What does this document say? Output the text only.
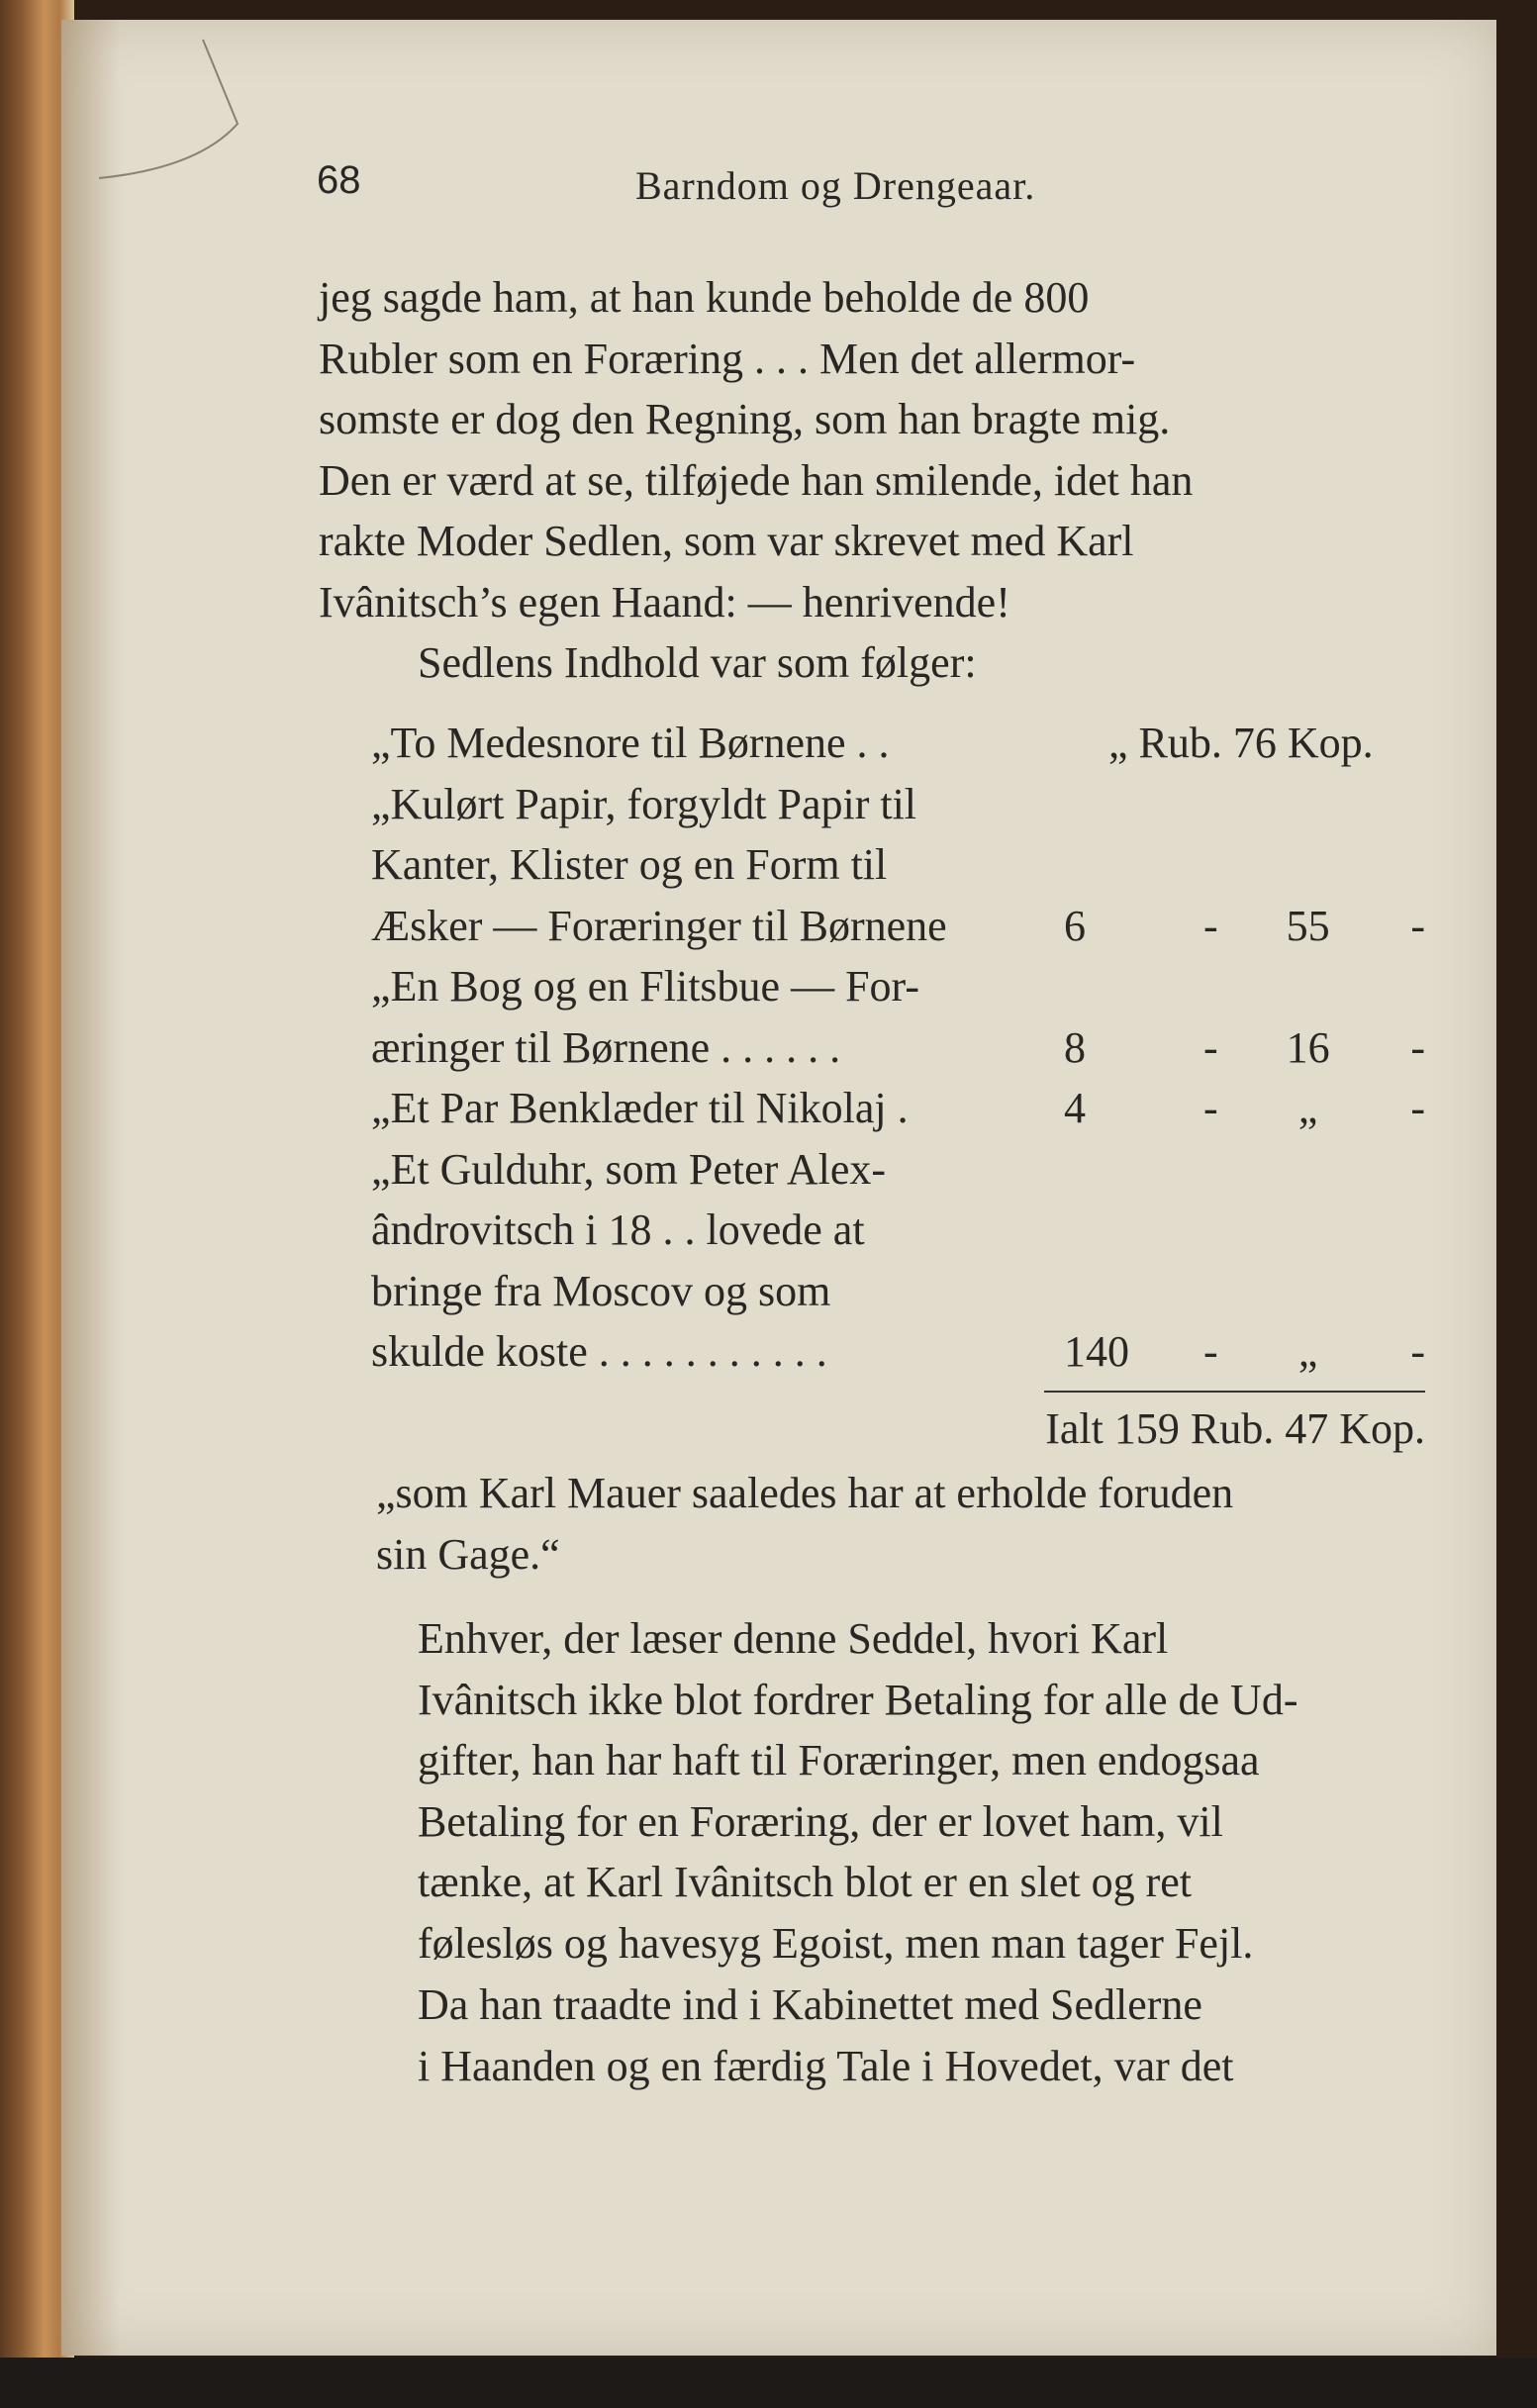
68	Barndom og Drengeaar.

jeg sagde ham, at han kunde beholde de 800

Rubler som en Foræring . . . Men det allermor-

somste er dog den Regning, som han bragte mig.

Den er værd at se, tilføjede han smilende, idet han

rakte Moder Sedlen, som var skrevet med Karl

Ivânitsch’s egen Haand: — henrivende!

Sedlens Indhold var som følger:

„To Medesnore til Børnene . .	„ Rub. 76 Kop.
„Kulørt Papir, forgyldt Papir til
Kanter, Klister og en Form til
Æsker — Foræringer til Børnene	6	-	55	-
„En Bog og en Flitsbue — For-
æringer til Børnene . . . . . .	8	-	16	-
„Et Par Benklæder til Nikolaj .	4	-	„	-
„Et Gulduhr, som Peter Alex-
ândrovitsch i 18 . . lovede at
bringe fra Moscov og som
skulde koste . . . . . . . . . . .	140	-	„	-
Ialt 159 Rub. 47 Kop.

„som Karl Mauer saaledes har at erholde foruden

sin Gage.“

Enhver, der læser denne Seddel, hvori Karl

Ivânitsch ikke blot fordrer Betaling for alle de Ud-

gifter, han har haft til Foræringer, men endogsaa

Betaling for en Foræring, der er lovet ham, vil

tænke, at Karl Ivânitsch blot er en slet og ret

følesløs og havesyg Egoist, men man tager Fejl.

Da han traadte ind i Kabinettet med Sedlerne

i Haanden og en færdig Tale i Hovedet, var det
